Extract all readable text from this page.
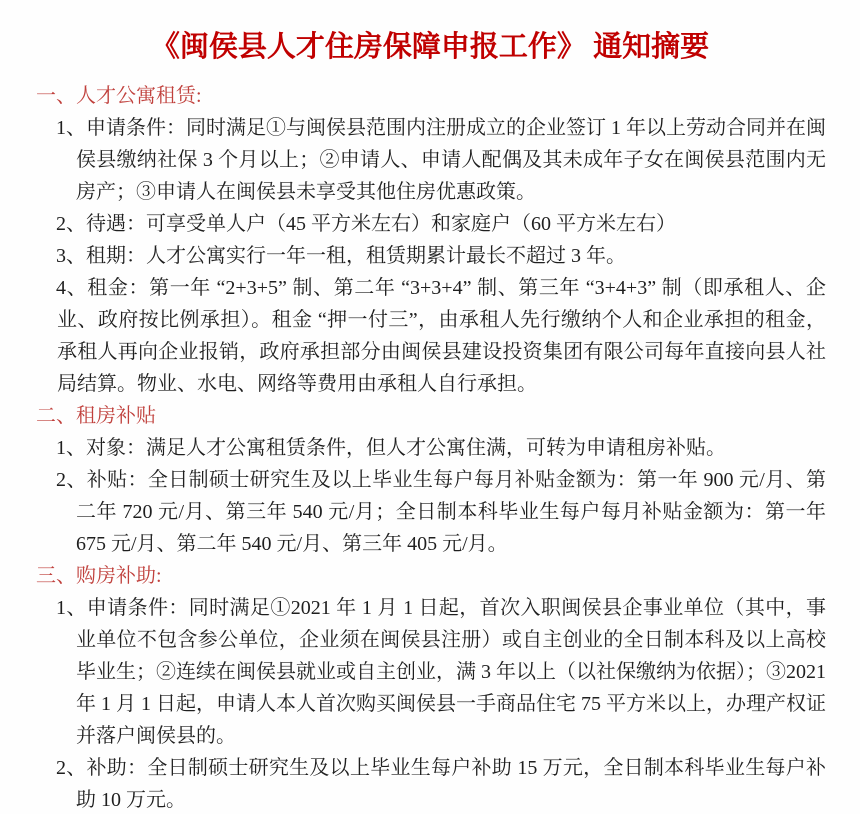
《闽侯县人才住房保障申报工作》 通知摘要

一、人才公寓租赁:

1、申请条件：同时满足①与闽侯县范围内注册成立的企业签订 1 年以上劳动合同并在闽侯县缴纳社保 3 个月以上；②申请人、申请人配偶及其未成年子女在闽侯县范围内无房产；③申请人在闽侯县未享受其他住房优惠政策。

2、待遇：可享受单人户（45 平方米左右）和家庭户（60 平方米左右）

3、租期：人才公寓实行一年一租，租赁期累计最长不超过 3 年。

4、租金：第一年 “2+3+5” 制、第二年 “3+3+4” 制、第三年 “3+4+3” 制（即承租人、企业、政府按比例承担）。租金 “押一付三”，由承租人先行缴纳个人和企业承担的租金，承租人再向企业报销，政府承担部分由闽侯县建设投资集团有限公司每年直接向县人社局结算。物业、水电、网络等费用由承租人自行承担。

二、租房补贴

1、对象：满足人才公寓租赁条件，但人才公寓住满，可转为申请租房补贴。

2、补贴：全日制硕士研究生及以上毕业生每户每月补贴金额为：第一年 900 元/月、第二年 720 元/月、第三年 540 元/月；全日制本科毕业生每户每月补贴金额为：第一年 675 元/月、第二年 540 元/月、第三年 405 元/月。

三、购房补助:

1、申请条件：同时满足①2021 年 1 月 1 日起，首次入职闽侯县企事业单位（其中，事业单位不包含参公单位，企业须在闽侯县注册）或自主创业的全日制本科及以上高校毕业生；②连续在闽侯县就业或自主创业，满 3 年以上（以社保缴纳为依据）；③2021 年 1 月 1 日起，申请人本人首次购买闽侯县一手商品住宅 75 平方米以上，办理产权证并落户闽侯县的。

2、补助：全日制硕士研究生及以上毕业生每户补助 15 万元，全日制本科毕业生每户补助 10 万元。
